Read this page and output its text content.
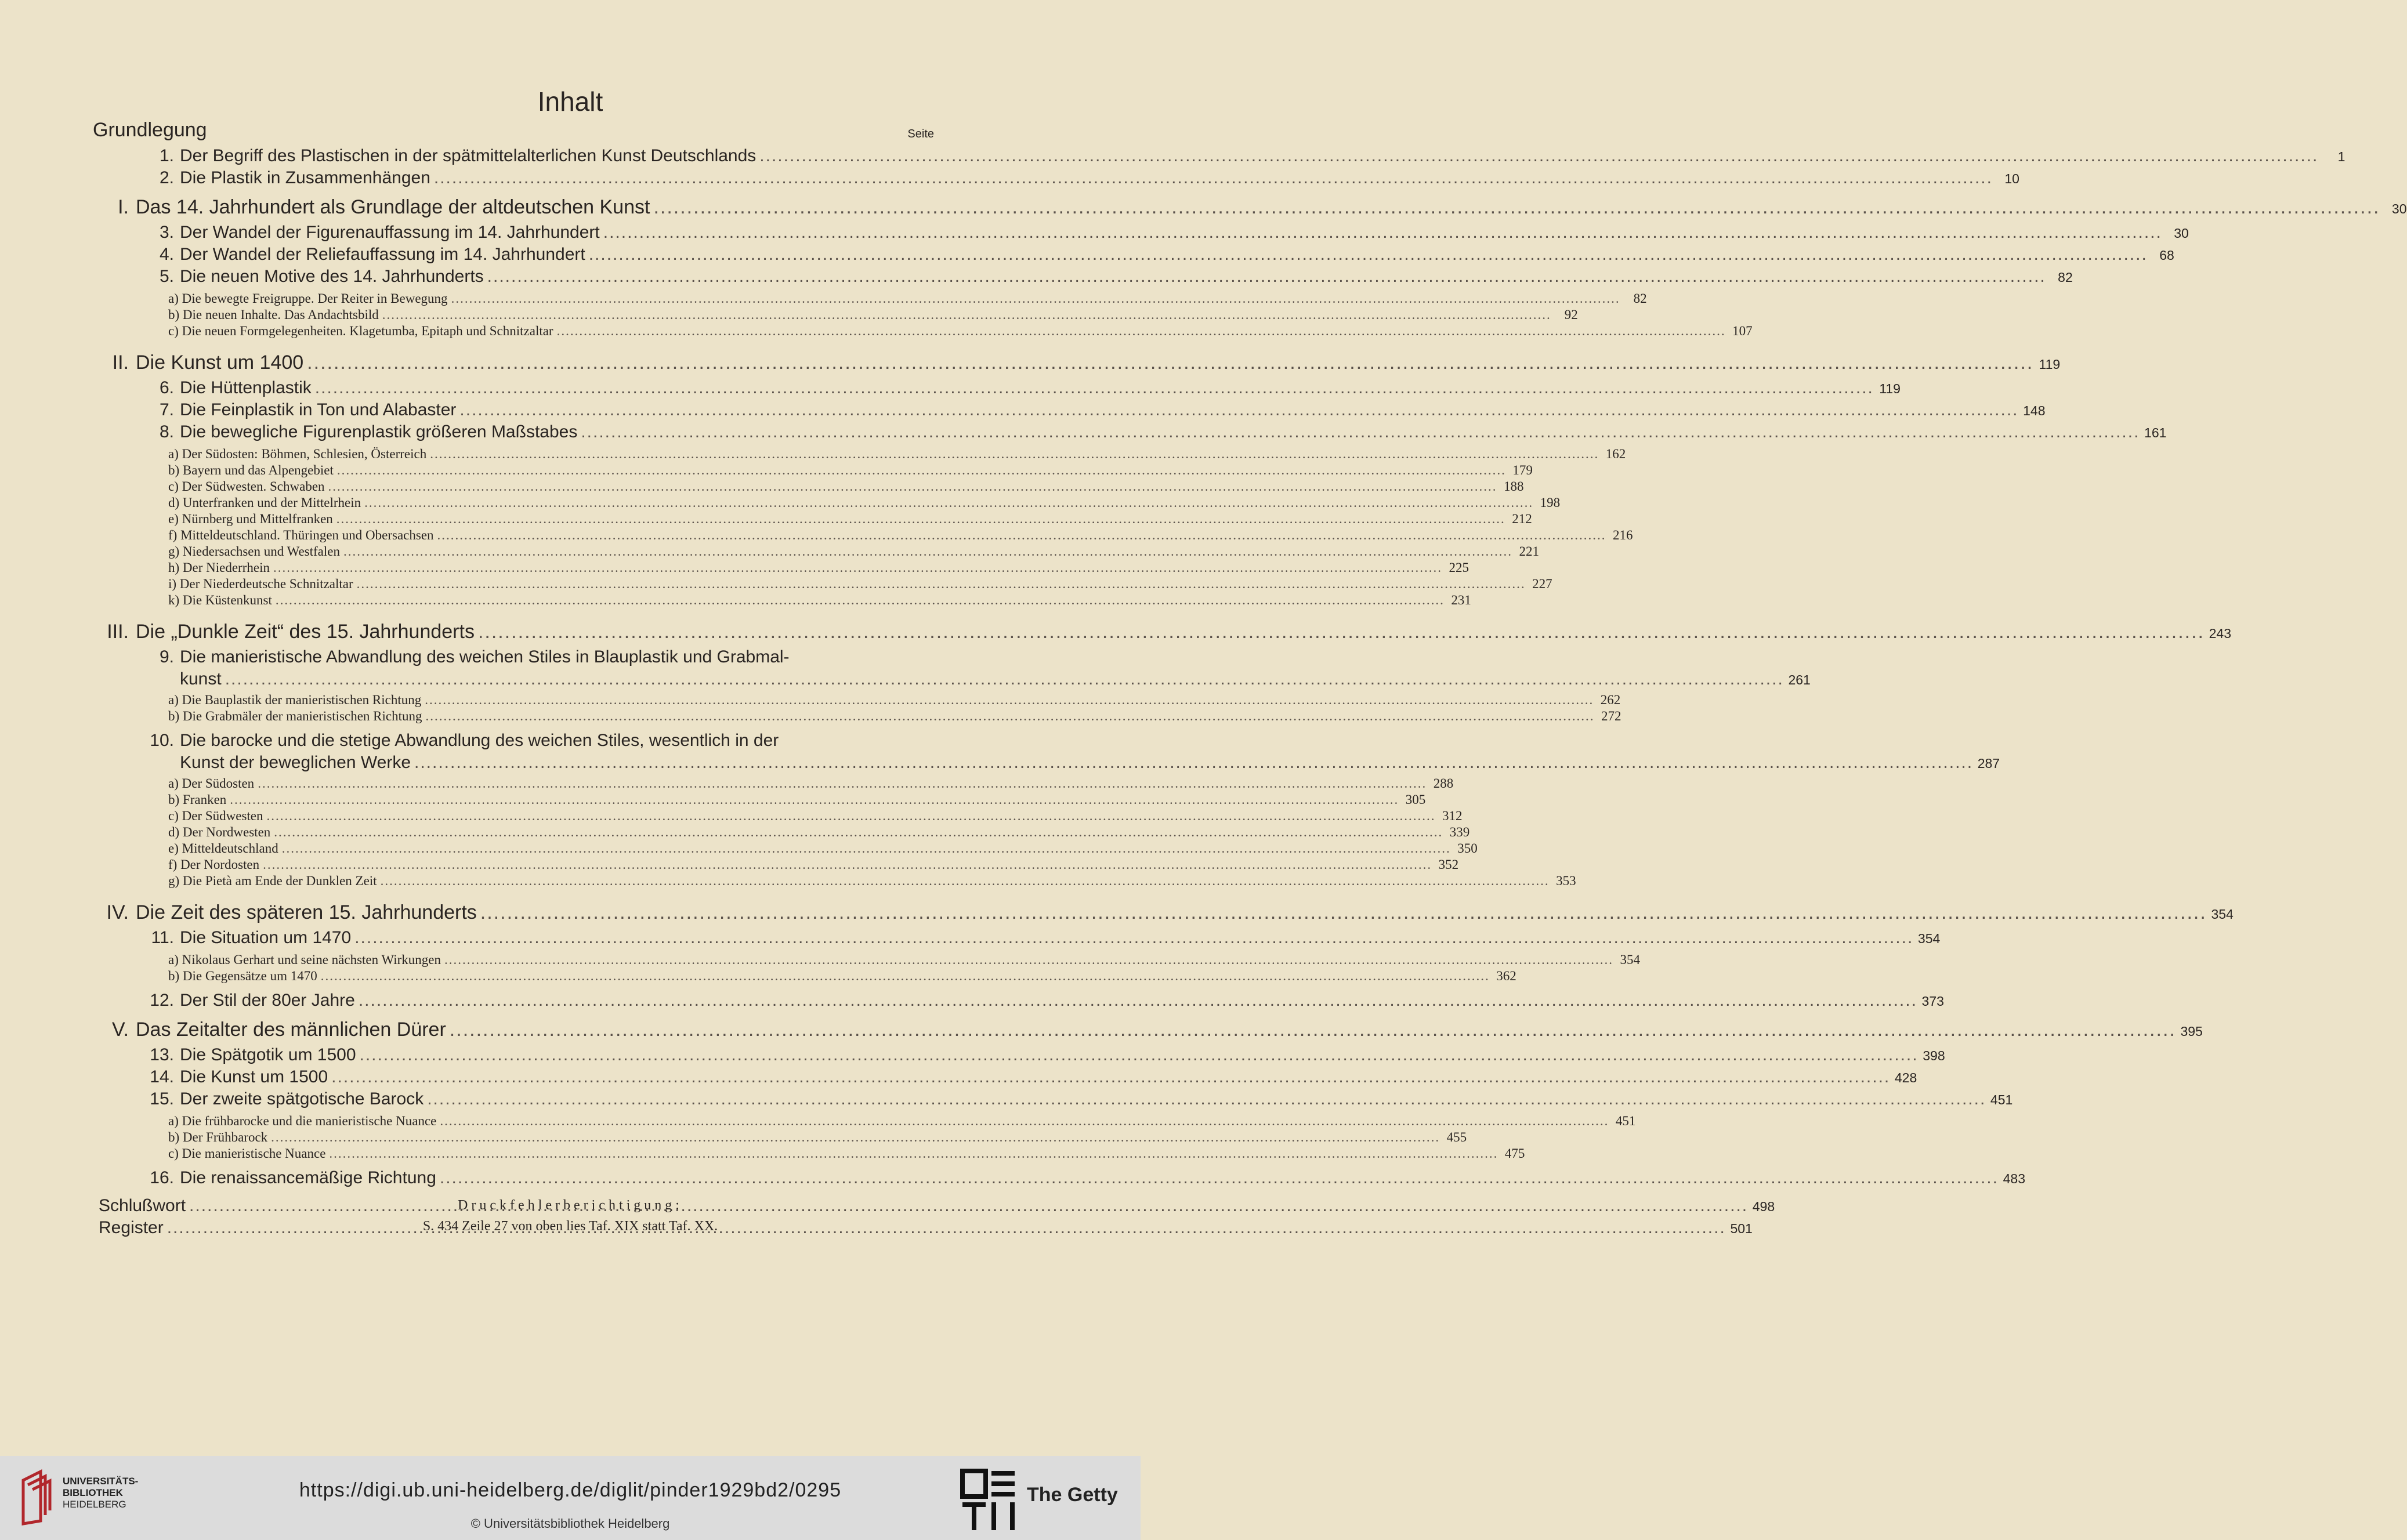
Inhalt
Seite
Grundlegung
1. Der Begriff des Plastischen in der spätmittelalterlichen Kunst Deutschlands .....	1
2. Die Plastik in Zusammenhängen .....	10
I. Das 14. Jahrhundert als Grundlage der altdeutschen Kunst .....	30
3. Der Wandel der Figurenauffassung im 14. Jahrhundert .....	30
4. Der Wandel der Reliefauffassung im 14. Jahrhundert .....	68
5. Die neuen Motive des 14. Jahrhunderts .....	82
a) Die bewegte Freigruppe. Der Reiter in Bewegung .....	82
b) Die neuen Inhalte. Das Andachtsbild .....	92
c) Die neuen Formgelegenheiten. Klagetumba, Epitaph und Schnitzaltar .....	107
II. Die Kunst um 1400 .....	119
6. Die Hüttenplastik .....	119
7. Die Feinplastik in Ton und Alabaster .....	148
8. Die bewegliche Figurenplastik größeren Maßstabes .....	161
a) Der Südosten: Böhmen, Schlesien, Österreich .....	162
b) Bayern und das Alpengebiet .....	179
c) Der Südwesten. Schwaben .....	188
d) Unterfranken und der Mittelrhein .....	198
e) Nürnberg und Mittelfranken .....	212
f) Mitteldeutschland. Thüringen und Obersachsen .....	216
g) Niedersachsen und Westfalen .....	221
h) Der Niederrhein .....	225
i) Der Niederdeutsche Schnitzaltar .....	227
k) Die Küstenkunst .....	231
III. Die „Dunkle Zeit“ des 15. Jahrhunderts .....	243
9. Die manieristische Abwandlung des weichen Stiles in Blauplastik und Grabmal-
kunst .....	261
a) Die Bauplastik der manieristischen Richtung .....	262
b) Die Grabmäler der manieristischen Richtung .....	272
10. Die barocke und die stetige Abwandlung des weichen Stiles, wesentlich in der
Kunst der beweglichen Werke .....	287
a) Der Südosten .....	288
b) Franken .....	305
c) Der Südwesten .....	312
d) Der Nordwesten .....	339
e) Mitteldeutschland .....	350
f) Der Nordosten .....	352
g) Die Pietà am Ende der Dunklen Zeit .....	353
IV. Die Zeit des späteren 15. Jahrhunderts .....	354
11. Die Situation um 1470 .....	354
a) Nikolaus Gerhart und seine nächsten Wirkungen .....	354
b) Die Gegensätze um 1470 .....	362
12. Der Stil der 80er Jahre .....	373
V. Das Zeitalter des männlichen Dürer .....	395
13. Die Spätgotik um 1500 .....	398
14. Die Kunst um 1500 .....	428
15. Der zweite spätgotische Barock .....	451
a) Die frühbarocke und die manieristische Nuance .....	451
b) Der Frühbarock .....	455
c) Die manieristische Nuance .....	475
16. Die renaissancemäßige Richtung .....	483
Schlußwort .....	498
Register .....	501
Druckfehlerberichtigung:
S. 434 Zeile 27 von oben lies Taf. XIX statt Taf. XX.
UNIVERSITÄTS-
BIBLIOTHEK
HEIDELBERG
https://digi.ub.uni-heidelberg.de/diglit/pinder1929bd2/0295
© Universitätsbibliothek Heidelberg
The Getty
